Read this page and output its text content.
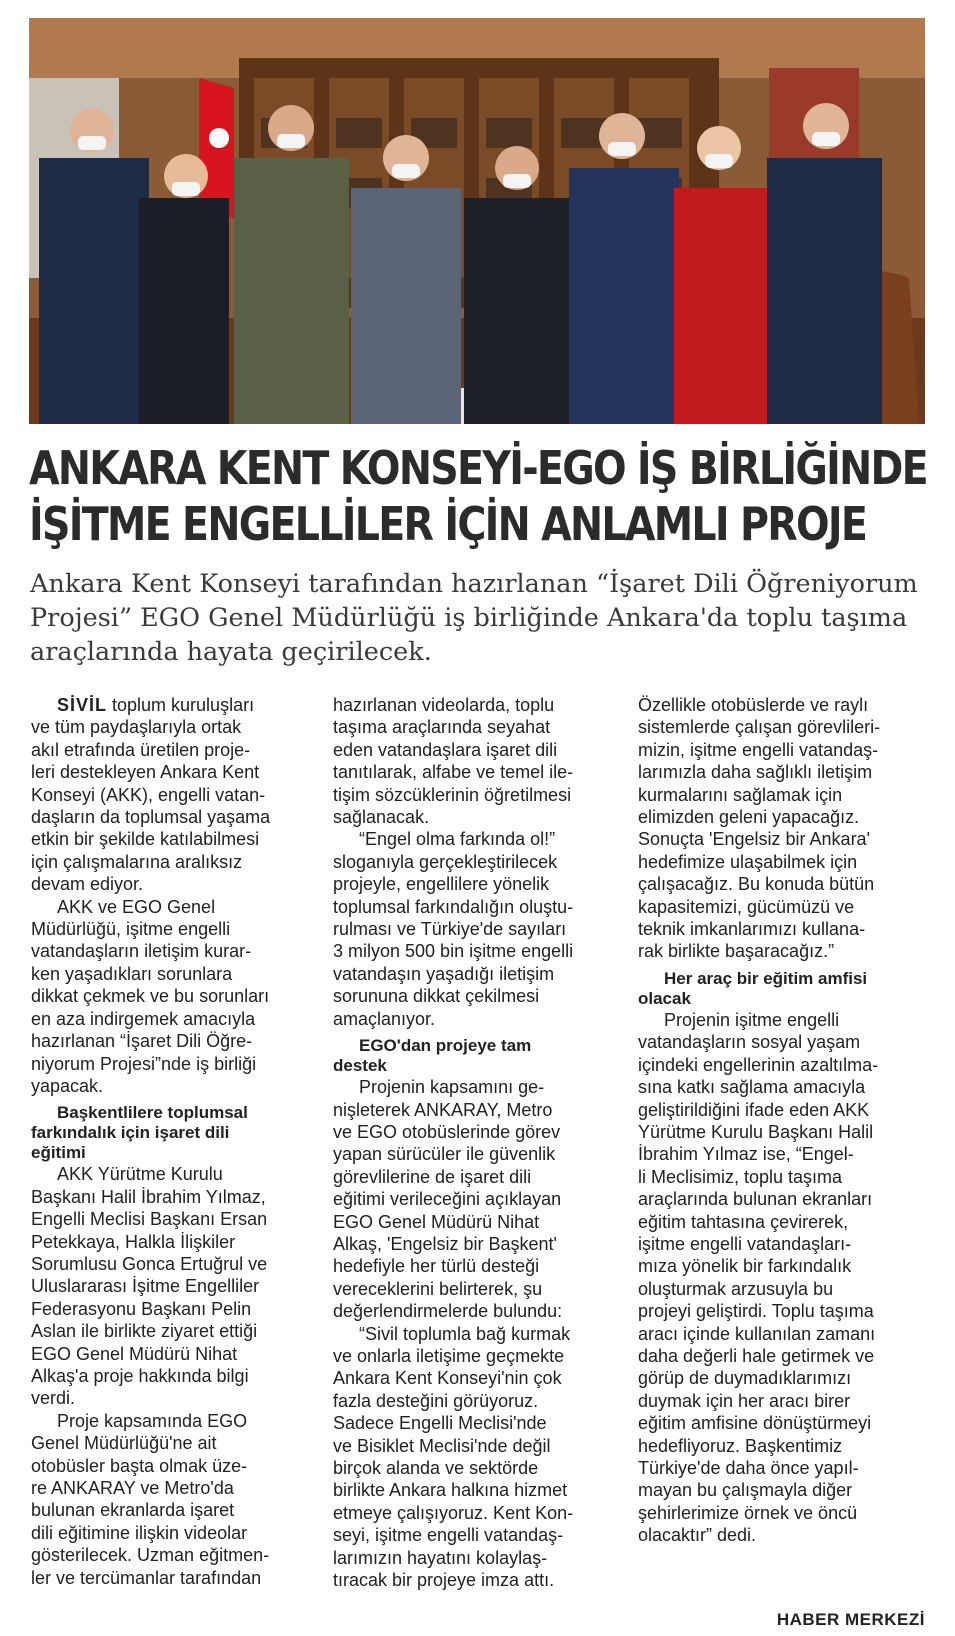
ANKARA KENT KONSEYİ-EGO İŞ BİRLİĞİNDE
İŞİTME ENGELLİLER İÇİN ANLAMLI PROJE

Ankara Kent Konseyi tarafından hazırlanan “İşaret Dili Öğreniyorum
Projesi” EGO Genel Müdürlüğü iş birliğinde Ankara'da toplu taşıma
araçlarında hayata geçirilecek.

SİVİL toplum kuruluşları
ve tüm paydaşlarıyla ortak
akıl etrafında üretilen proje-
leri destekleyen Ankara Kent
Konseyi (AKK), engelli vatan-
daşların da toplumsal yaşama
etkin bir şekilde katılabilmesi
için çalışmalarına aralıksız
devam ediyor.
AKK ve EGO Genel
Müdürlüğü, işitme engelli
vatandaşların iletişim kurar-
ken yaşadıkları sorunlara
dikkat çekmek ve bu sorunları
en aza indirgemek amacıyla
hazırlanan “İşaret Dili Öğre-
niyorum Projesi”nde iş birliği
yapacak.
Başkentlilere toplumsal
farkındalık için işaret dili
eğitimi
AKK Yürütme Kurulu
Başkanı Halil İbrahim Yılmaz,
Engelli Meclisi Başkanı Ersan
Petekkaya, Halkla İlişkiler
Sorumlusu Gonca Ertuğrul ve
Uluslararası İşitme Engelliler
Federasyonu Başkanı Pelin
Aslan ile birlikte ziyaret ettiği
EGO Genel Müdürü Nihat
Alkaş'a proje hakkında bilgi
verdi.
Proje kapsamında EGO
Genel Müdürlüğü'ne ait
otobüsler başta olmak üze-
re ANKARAY ve Metro'da
bulunan ekranlarda işaret
dili eğitimine ilişkin videolar
gösterilecek. Uzman eğitmen-
ler ve tercümanlar tarafından
hazırlanan videolarda, toplu
taşıma araçlarında seyahat
eden vatandaşlara işaret dili
tanıtılarak, alfabe ve temel ile-
tişim sözcüklerinin öğretilmesi
sağlanacak.
“Engel olma farkında ol!”
sloganıyla gerçekleştirilecek
projeyle, engellilere yönelik
toplumsal farkındalığın oluştu-
rulması ve Türkiye'de sayıları
3 milyon 500 bin işitme engelli
vatandaşın yaşadığı iletişim
sorununa dikkat çekilmesi
amaçlanıyor.
EGO'dan projeye tam
destek
Projenin kapsamını ge-
nişleterek ANKARAY, Metro
ve EGO otobüslerinde görev
yapan sürücüler ile güvenlik
görevlilerine de işaret dili
eğitimi verileceğini açıklayan
EGO Genel Müdürü Nihat
Alkaş, 'Engelsiz bir Başkent'
hedefiyle her türlü desteği
vereceklerini belirterek, şu
değerlendirmelerde bulundu:
“Sivil toplumla bağ kurmak
ve onlarla iletişime geçmekte
Ankara Kent Konseyi'nin çok
fazla desteğini görüyoruz.
Sadece Engelli Meclisi'nde
ve Bisiklet Meclisi'nde değil
birçok alanda ve sektörde
birlikte Ankara halkına hizmet
etmeye çalışıyoruz. Kent Kon-
seyi, işitme engelli vatandaş-
larımızın hayatını kolaylaş-
tıracak bir projeye imza attı.
Özellikle otobüslerde ve raylı
sistemlerde çalışan görevlileri-
mizin, işitme engelli vatandaş-
larımızla daha sağlıklı iletişim
kurmalarını sağlamak için
elimizden geleni yapacağız.
Sonuçta 'Engelsiz bir Ankara'
hedefimize ulaşabilmek için
çalışacağız. Bu konuda bütün
kapasitemizi, gücümüzü ve
teknik imkanlarımızı kullana-
rak birlikte başaracağız.”
Her araç bir eğitim amfisi
olacak
Projenin işitme engelli
vatandaşların sosyal yaşam
içindeki engellerinin azaltılma-
sına katkı sağlama amacıyla
geliştirildiğini ifade eden AKK
Yürütme Kurulu Başkanı Halil
İbrahim Yılmaz ise, “Engel-
li Meclisimiz, toplu taşıma
araçlarında bulunan ekranları
eğitim tahtasına çevirerek,
işitme engelli vatandaşları-
mıza yönelik bir farkındalık
oluşturmak arzusuyla bu
projeyi geliştirdi. Toplu taşıma
aracı içinde kullanılan zamanı
daha değerli hale getirmek ve
görüp de duymadıklarımızı
duymak için her aracı birer
eğitim amfisine dönüştürmeyi
hedefliyoruz. Başkentimiz
Türkiye'de daha önce yapıl-
mayan bu çalışmayla diğer
şehirlerimize örnek ve öncü
olacaktır” dedi.

HABER MERKEZİ
